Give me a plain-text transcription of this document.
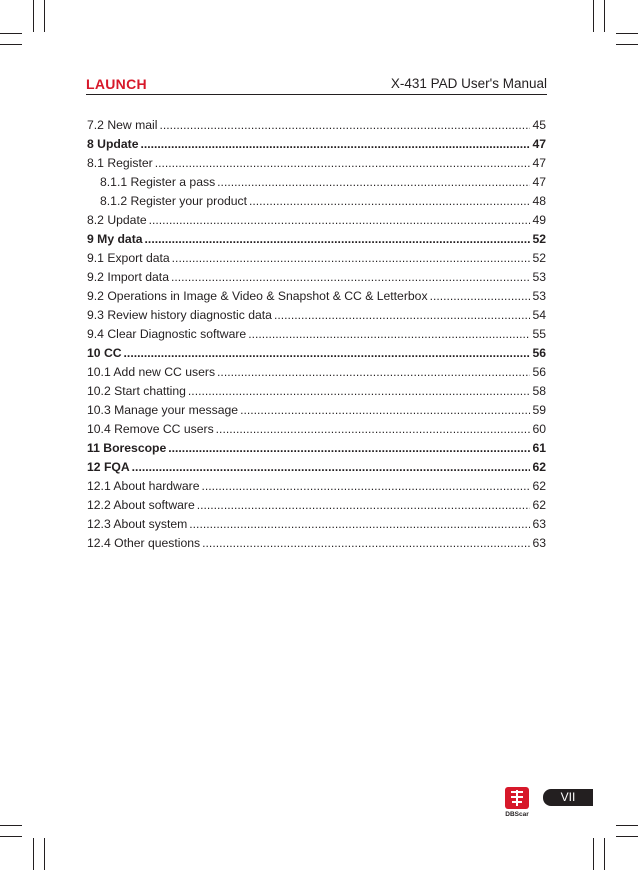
LAUNCH	X-431 PAD User's Manual
7.2 New mail .....	45
8 Update .....	47
8.1 Register .....	47
8.1.1 Register a pass .....	47
8.1.2 Register your product .....	48
8.2 Update .....	49
9 My data .....	52
9.1 Export data .....	52
9.2 Import data .....	53
9.2 Operations in Image & Video & Snapshot & CC & Letterbox .....	53
9.3 Review history diagnostic data .....	54
9.4 Clear Diagnostic software .....	55
10 CC .....	56
10.1 Add new CC users .....	56
10.2 Start chatting .....	58
10.3 Manage your message .....	59
10.4 Remove CC users .....	60
11 Borescope .....	61
12 FQA .....	62
12.1 About hardware .....	62
12.2 About software .....	62
12.3 About system .....	63
12.4 Other questions .....	63
DBScar
VII
